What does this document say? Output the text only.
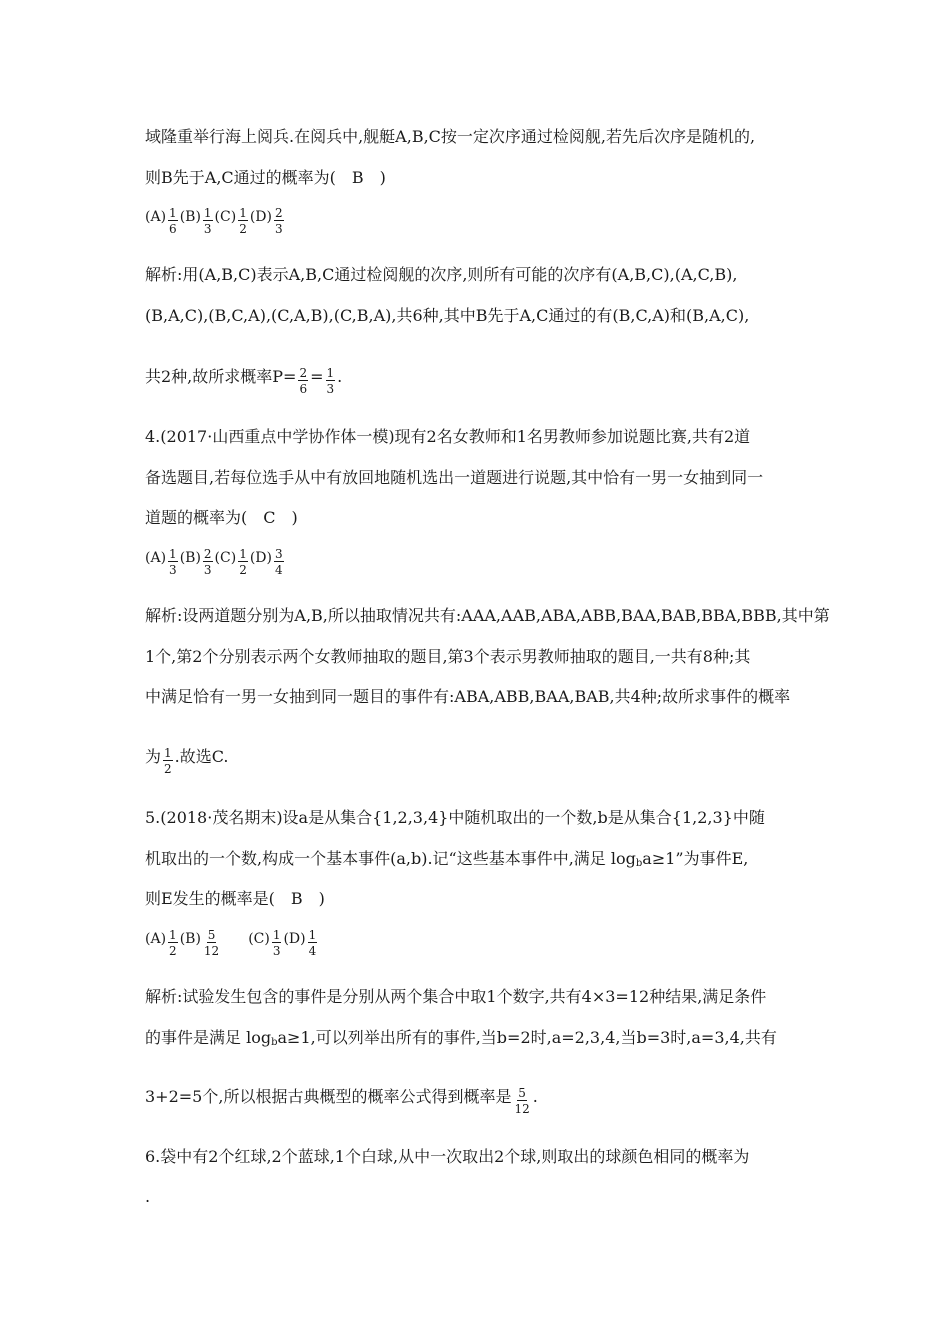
域隆重举行海上阅兵.在阅兵中,舰艇A,B,C按一定次序通过检阅舰,若先后次序是随机的,
则B先于A,C通过的概率为(　B　)
$(A) \frac{1}{6} (B) \frac{1}{3} (C) \frac{1}{2} (D) \frac{2}{3}$
解析:用(A,B,C)表示A,B,C通过检阅舰的次序,则所有可能的次序有(A,B,C),(A,C,B),
(B,A,C),(B,C,A),(C,A,B),(C,B,A),共6种,其中B先于A,C通过的有(B,C,A)和(B,A,C),
共2种,故所求概率$P= \frac{2}{6} = \frac{1}{3}$ .
4.(2017·山西重点中学协作体一模)现有2名女教师和1名男教师参加说题比赛,共有2道
备选题目,若每位选手从中有放回地随机选出一道题进行说题,其中恰有一男一女抽到同一
道题的概率为(　C　)
$(A) \frac{1}{3} (B) \frac{2}{3} (C) \frac{1}{2} (D) \frac{3}{4}$
解析:设两道题分别为A,B,所以抽取情况共有:AAA,AAB,ABA,ABB,BAA,BAB,BBA,BBB,其中第
1个,第2个分别表示两个女教师抽取的题目,第3个表示男教师抽取的题目,一共有8种;其
中满足恰有一男一女抽到同一题目的事件有:ABA,ABB,BAA,BAB,共4种;故所求事件的概率
为 $\frac{1}{2}$ .故选C.
5.(2018·茂名期末)设a是从集合{1,2,3,4}中随机取出的一个数,b是从集合{1,2,3}中随
机取出的一个数,构成一个基本事件(a,b).记“这些基本事件中,满足 $\log_ba\ge 1$”为事件E,
则E发生的概率是(　B　)
$(A) \frac{1}{2} (B) \frac{5}{12} (C) \frac{1}{3} (D) \frac{1}{4}$
解析:试验发生包含的事件是分别从两个集合中取1个数字,共有4×3=12种结果,满足条件
的事件是满足 $\log_ba\ge 1$,可以列举出所有的事件,当b=2时,a=2,3,4,当b=3时,a=3,4,共有
3+2=5个,所以根据古典概型的概率公式得到概率是 $\frac{5}{12}$ .
6.袋中有2个红球,2个蓝球,1个白球,从中一次取出2个球,则取出的球颜色相同的概率为
.
